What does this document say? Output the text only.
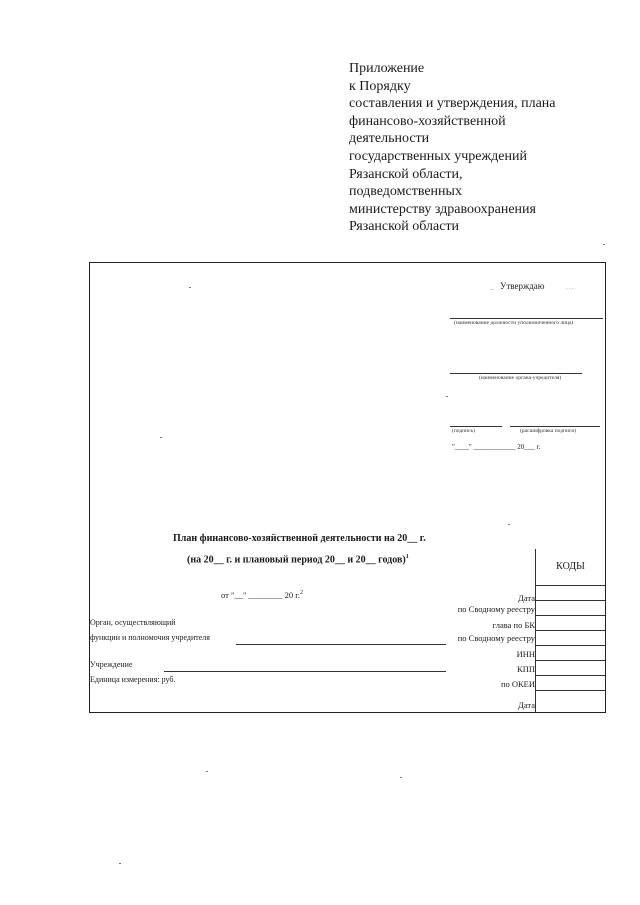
Приложение
к Порядку
составления и утверждения, плана
финансово-хозяйственной
деятельности
государственных учреждений
Рязанской области,
подведомственных
министерству здравоохранения
Рязанской области
Утверждаю
_	. . .
(наименование должности уполномоченного лица)
(наименование органа-учредителя)
(подпись)	(расшифровка подписи)
"____" ____________ 20___ г.
План финансово-хозяйственной деятельности на 20__ г.
(на 20__ г. и плановый период 20__ и 20__ годов)$^1$
от "__" ________ 20 г.$^2$
Орган, осуществляющий
функции и полномочия учредителя
Учреждение
Единица измерения: руб.
Дата
по Сводному реестру
глава по БК
по Сводному реестру
ИНН
КПП
по ОКЕИ
Дата
КОДЫ
